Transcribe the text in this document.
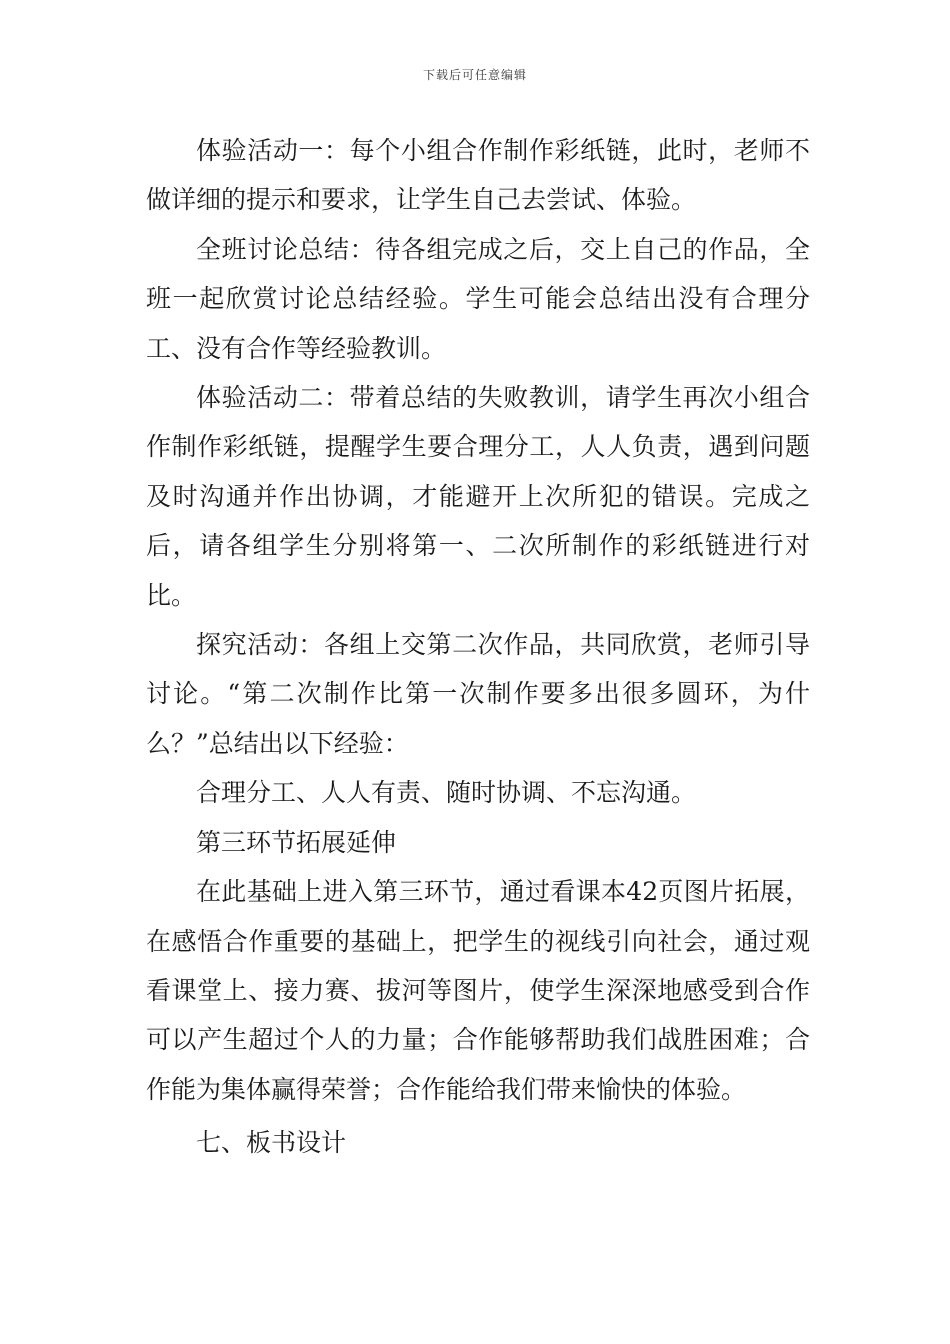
下载后可任意编辑

体验活动一：每个小组合作制作彩纸链，此时，老师不做详细的提示和要求，让学生自己去尝试、体验。

全班讨论总结：待各组完成之后，交上自己的作品，全班一起欣赏讨论总结经验。学生可能会总结出没有合理分工、没有合作等经验教训。

体验活动二：带着总结的失败教训，请学生再次小组合作制作彩纸链，提醒学生要合理分工，人人负责，遇到问题及时沟通并作出协调，才能避开上次所犯的错误。完成之后，请各组学生分别将第一、二次所制作的彩纸链进行对比。

探究活动：各组上交第二次作品，共同欣赏，老师引导讨论。“第二次制作比第一次制作要多出很多圆环，为什么？”总结出以下经验：

合理分工、人人有责、随时协调、不忘沟通。

第三环节拓展延伸

在此基础上进入第三环节，通过看课本42页图片拓展，在感悟合作重要的基础上，把学生的视线引向社会，通过观看课堂上、接力赛、拔河等图片，使学生深深地感受到合作可以产生超过个人的力量；合作能够帮助我们战胜困难；合作能为集体赢得荣誉；合作能给我们带来愉快的体验。

七、板书设计
